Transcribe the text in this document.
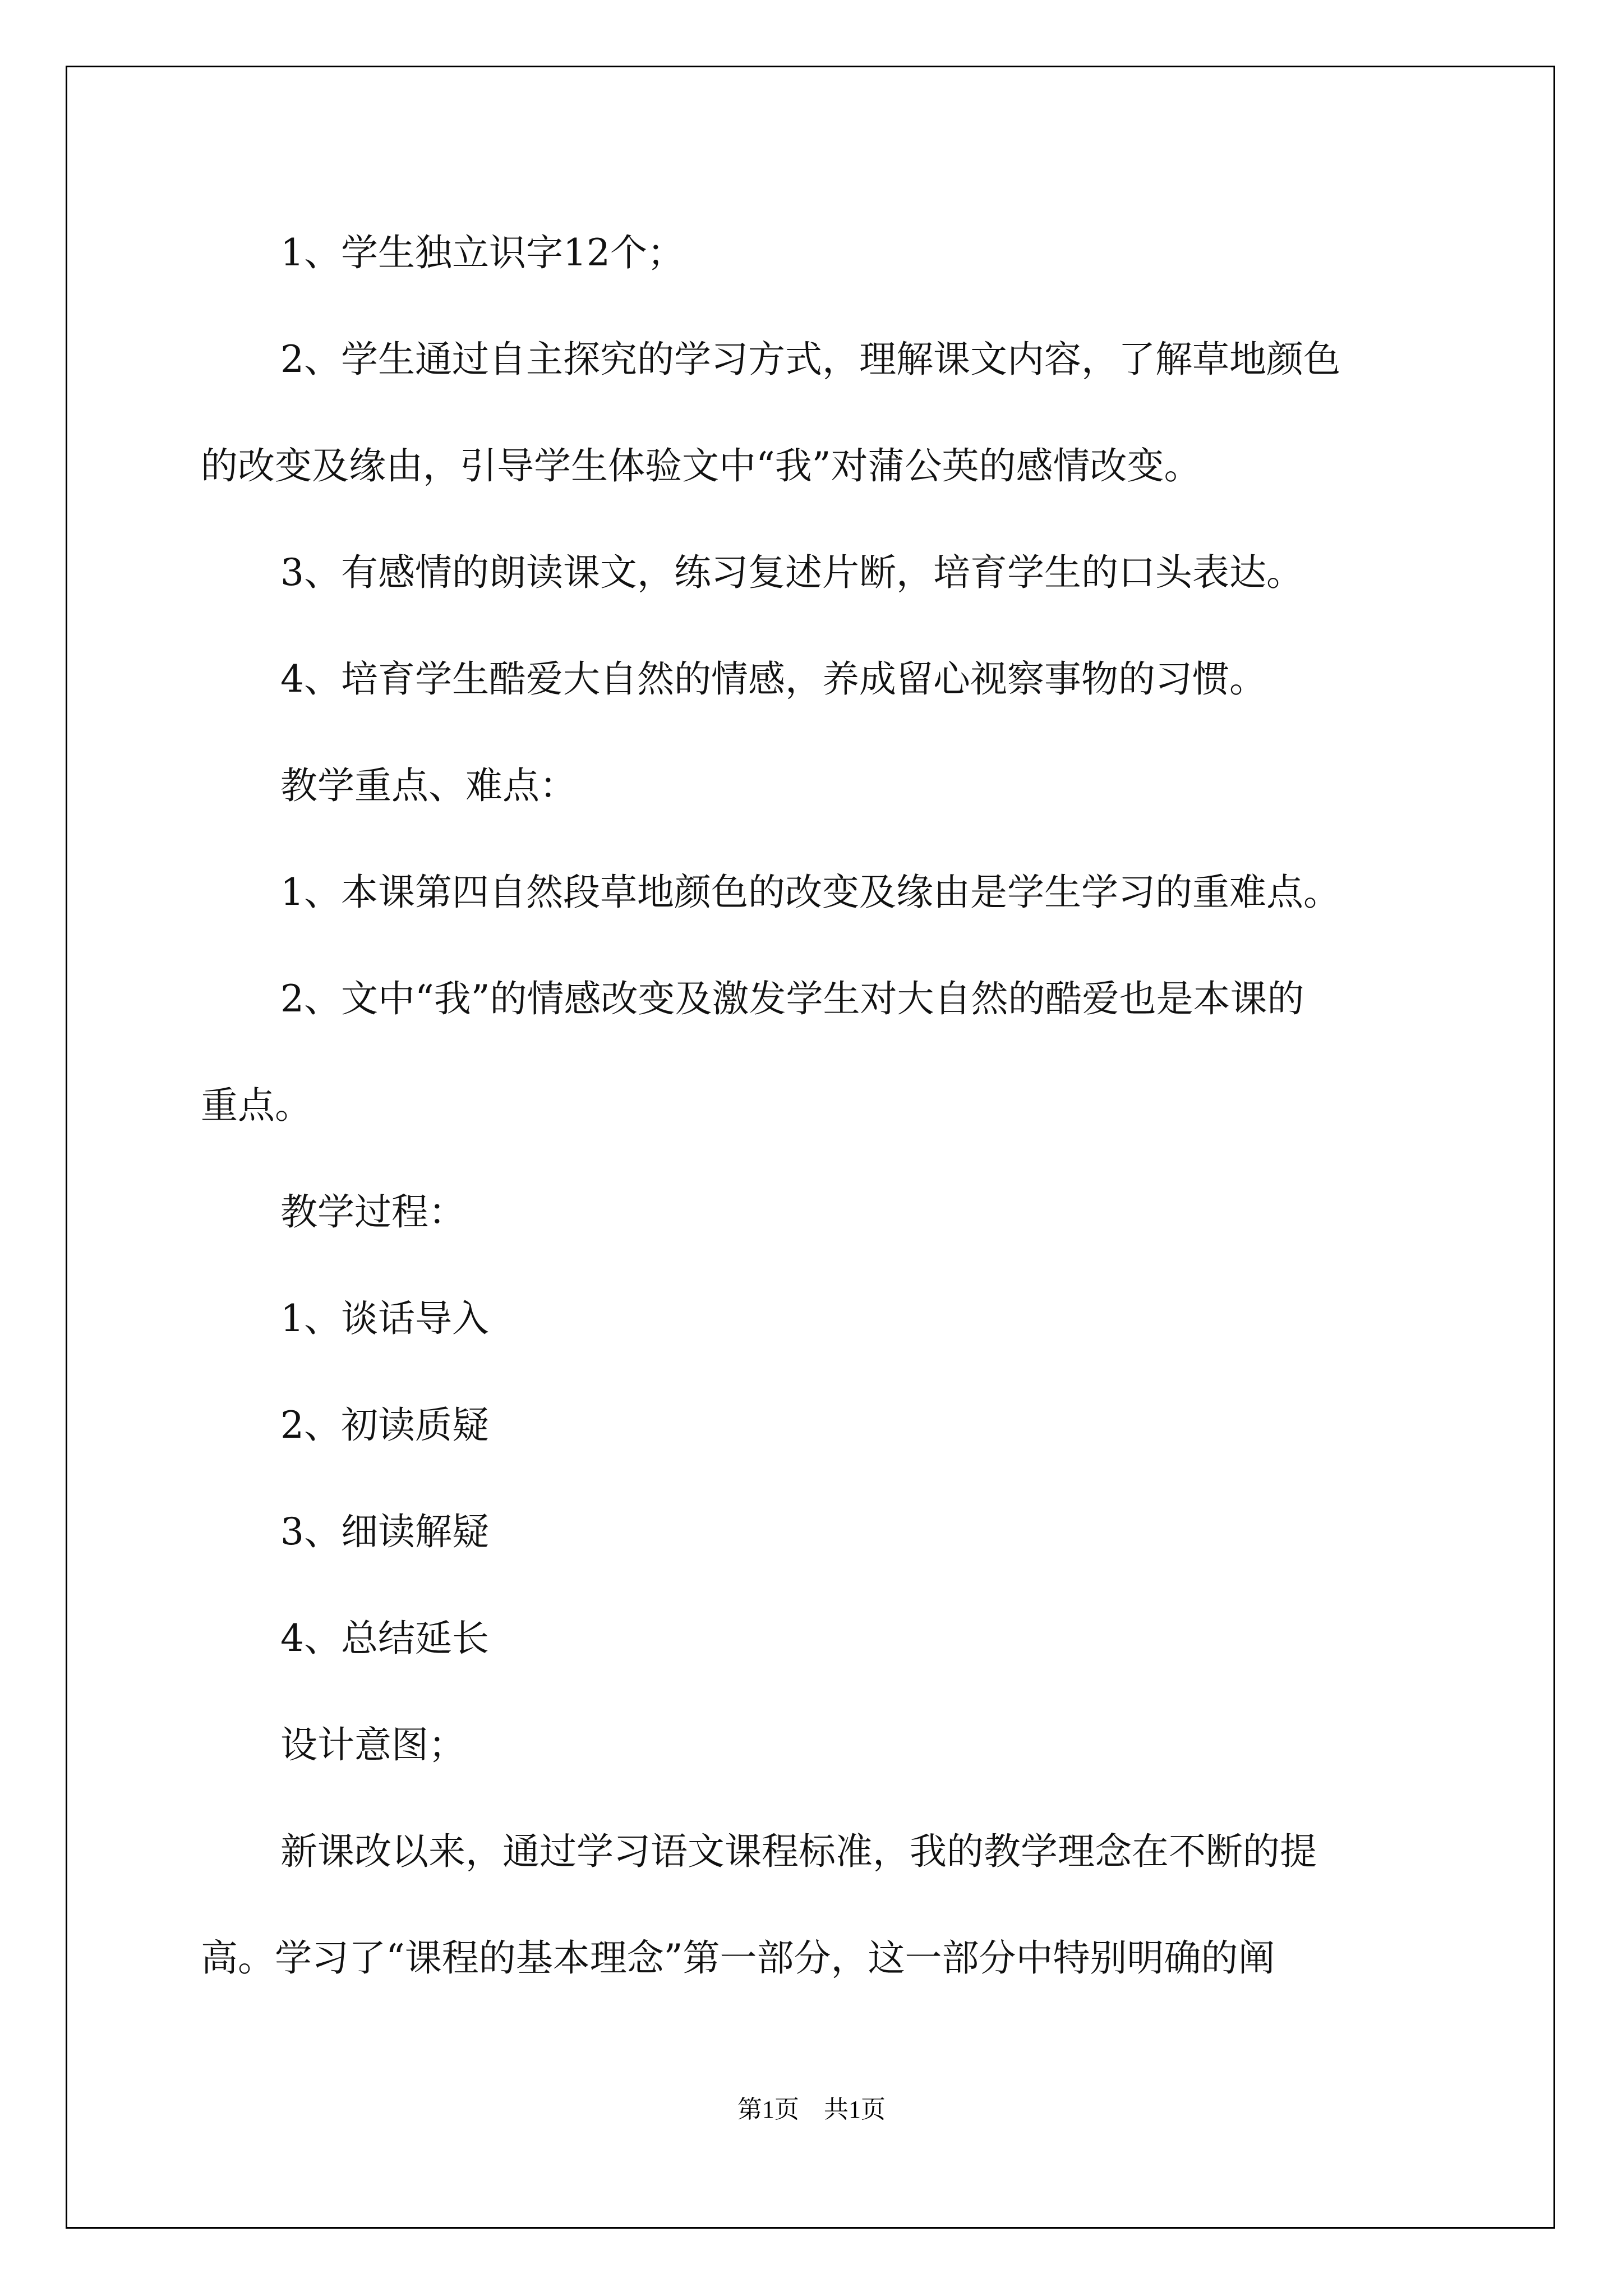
1、学生独立识字12个；
2、学生通过自主探究的学习方式，理解课文内容，了解草地颜色
的改变及缘由，引导学生体验文中“我”对蒲公英的感情改变。
3、有感情的朗读课文，练习复述片断，培育学生的口头表达。
4、培育学生酷爱大自然的情感，养成留心视察事物的习惯。
教学重点、难点：
1、本课第四自然段草地颜色的改变及缘由是学生学习的重难点。
2、文中“我”的情感改变及激发学生对大自然的酷爱也是本课的
重点。
教学过程：
1、谈话导入
2、初读质疑
3、细读解疑
4、总结延长
设计意图；
新课改以来，通过学习语文课程标准，我的教学理念在不断的提
高。学习了“课程的基本理念”第一部分，这一部分中特别明确的阐
第1页　共1页
